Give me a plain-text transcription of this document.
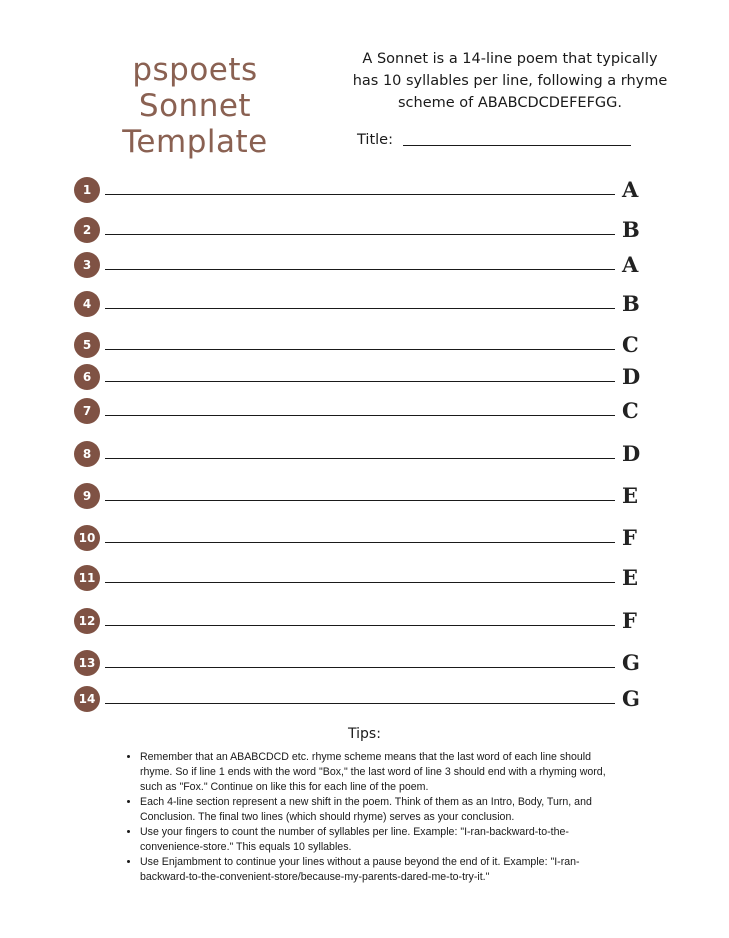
pspoets
Sonnet
Template
A Sonnet is a 14-line poem that typically
has 10 syllables per line, following a rhyme
scheme of ABABCDCDEFEFGG.
Title:
1	A
2	B
3	A
4	B
5	C
6	D
7	C
8	D
9	E
10	F
11	E
12	F
13	G
14	G
Tips:
• Remember that an ABABCDCD etc. rhyme scheme means that the last word of each line should rhyme. So if line 1 ends with the word "Box," the last word of line 3 should end with a rhyming word, such as "Fox." Continue on like this for each line of the poem.
• Each 4-line section represent a new shift in the poem. Think of them as an Intro, Body, Turn, and Conclusion. The final two lines (which should rhyme) serves as your conclusion.
• Use your fingers to count the number of syllables per line. Example: "I-ran-backward-to-the-convenience-store." This equals 10 syllables.
• Use Enjambment to continue your lines without a pause beyond the end of it. Example: "I-ran-backward-to-the-convenient-store/because-my-parents-dared-me-to-try-it."
